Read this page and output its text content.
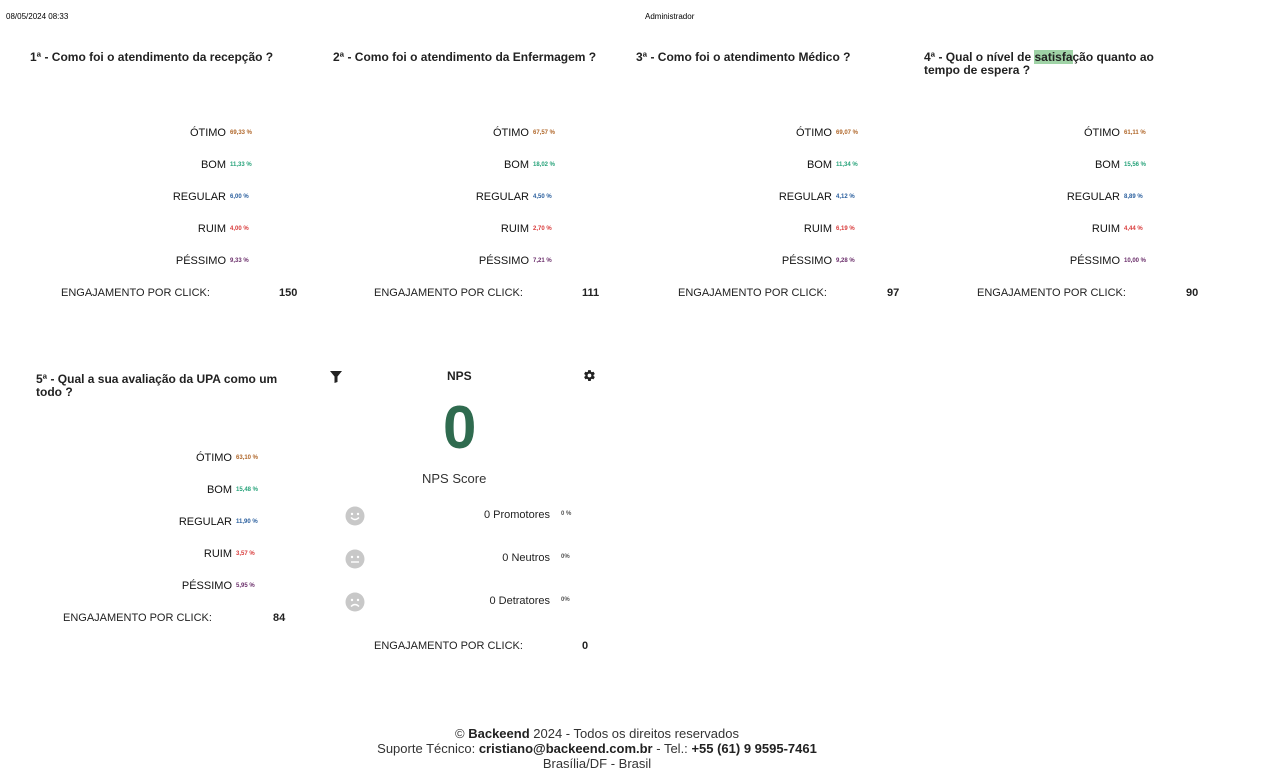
08/05/2024 08:33	Administrador
1ª - Como foi o atendimento da recepção ?
ÓTIMO 69,33 %
BOM 11,33 %
REGULAR 6,00 %
RUIM 4,00 %
PÉSSIMO 9,33 %
ENGAJAMENTO POR CLICK:	150
2ª - Como foi o atendimento da Enfermagem ?
ÓTIMO 67,57 %
BOM 18,02 %
REGULAR 4,50 %
RUIM 2,70 %
PÉSSIMO 7,21 %
ENGAJAMENTO POR CLICK:	111
3ª - Como foi o atendimento Médico ?
ÓTIMO 69,07 %
BOM 11,34 %
REGULAR 4,12 %
RUIM 6,19 %
PÉSSIMO 9,28 %
ENGAJAMENTO POR CLICK:	97
4ª - Qual o nível de satisfação quanto ao tempo de espera ?
ÓTIMO 61,11 %
BOM 15,56 %
REGULAR 8,89 %
RUIM 4,44 %
PÉSSIMO 10,00 %
ENGAJAMENTO POR CLICK:	90
5ª - Qual a sua avaliação da UPA como um todo ?
ÓTIMO 63,10 %
BOM 15,48 %
REGULAR 11,90 %
RUIM 3,57 %
PÉSSIMO 5,95 %
ENGAJAMENTO POR CLICK:	84
NPS
0
NPS Score
0 Promotores 0 %
0 Neutros 0%
0 Detratores 0%
ENGAJAMENTO POR CLICK:	0
© Backeend 2024 - Todos os direitos reservados
Suporte Técnico: cristiano@backeend.com.br - Tel.: +55 (61) 9 9595-7461
Brasília/DF - Brasil
